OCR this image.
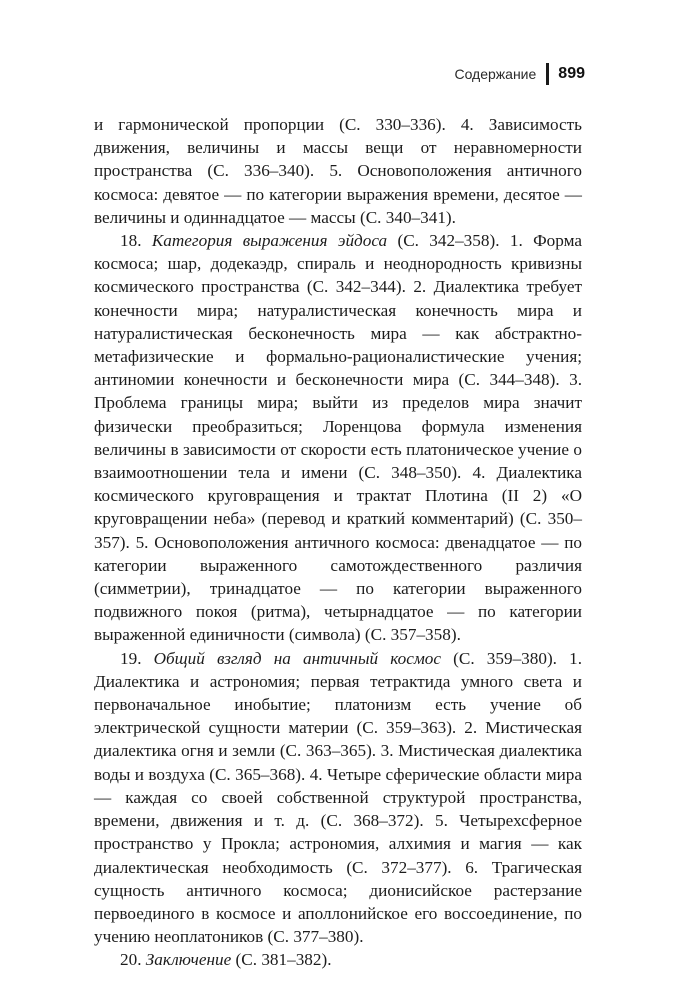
Содержание 899

и гармонической пропорции (С. 330–336). 4. Зависимость движения, величины и массы вещи от неравномерности пространства (С. 336–340). 5. Основоположения античного космоса: девятое — по категории выражения времени, десятое — величины и одиннадцатое — массы (С. 340–341).

18. Категория выражения эйдоса (С. 342–358). 1. Форма космоса; шар, додекаэдр, спираль и неоднородность кривизны космического пространства (С. 342–344). 2. Диалектика требует конечности мира; натуралистическая конечность мира и натуралистическая бесконечность мира — как абстрактно-метафизические и формально-рационалистические учения; антиномии конечности и бесконечности мира (С. 344–348). 3. Проблема границы мира; выйти из пределов мира значит физически преобразиться; Лоренцова формула изменения величины в зависимости от скорости есть платоническое учение о взаимоотношении тела и имени (С. 348–350). 4. Диалектика космического круговращения и трактат Плотина (II 2) «О круговращении неба» (перевод и краткий комментарий) (С. 350–357). 5. Основоположения античного космоса: двенадцатое — по категории выраженного самотождественного различия (симметрии), тринадцатое — по категории выраженного подвижного покоя (ритма), четырнадцатое — по категории выраженной единичности (символа) (С. 357–358).

19. Общий взгляд на античный космос (С. 359–380). 1. Диалектика и астрономия; первая тетрактида умного света и первоначальное инобытие; платонизм есть учение об электрической сущности материи (С. 359–363). 2. Мистическая диалектика огня и земли (С. 363–365). 3. Мистическая диалектика воды и воздуха (С. 365–368). 4. Четыре сферические области мира — каждая со своей собственной структурой пространства, времени, движения и т. д. (С. 368–372). 5. Четырехсферное пространство у Прокла; астрономия, алхимия и магия — как диалектическая необходимость (С. 372–377). 6. Трагическая сущность античного космоса; дионисийское растерзание первоединого в космосе и аполлонийское его воссоединение, по учению неоплатоников (С. 377–380).

20. Заключение (С. 381–382).
